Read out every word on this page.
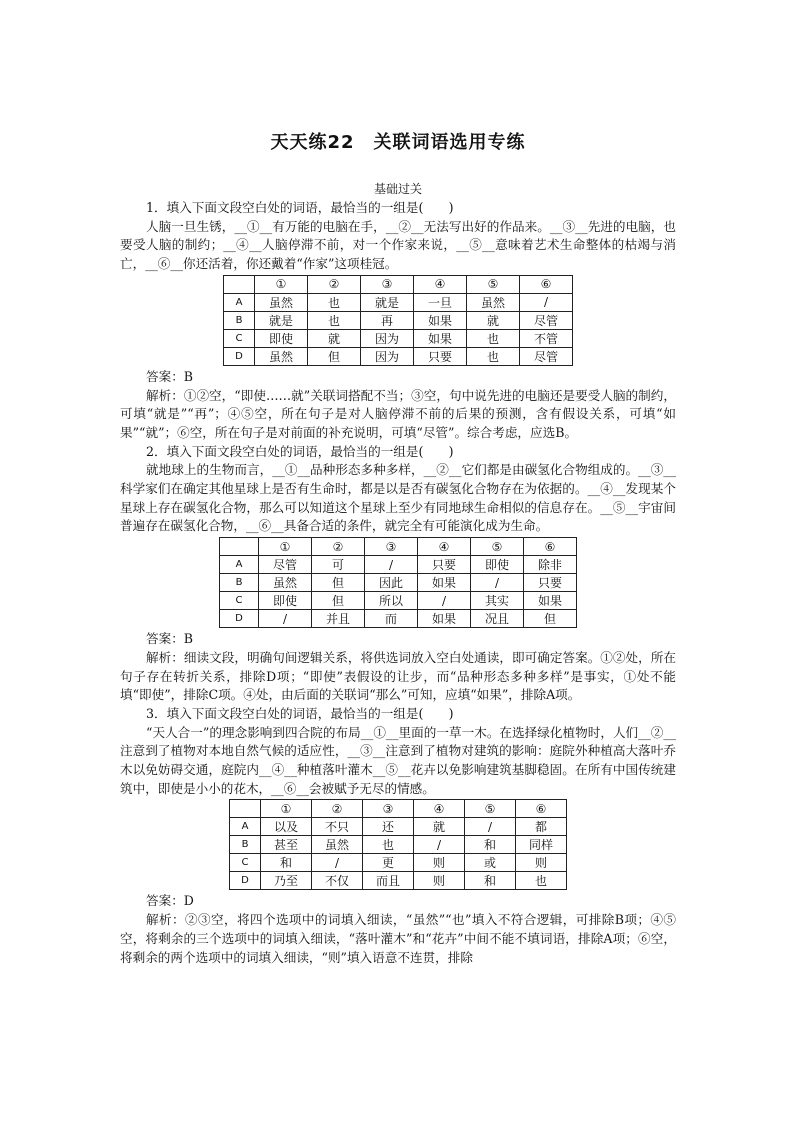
天天练22　关联词语选用专练
基础过关

1．填入下面文段空白处的词语，最恰当的一组是(　　)

人脑一旦生锈，__①__有万能的电脑在手，__②__无法写出好的作品来。__③__先进的电脑，也要受人脑的制约；__④__人脑停滞不前，对一个作家来说，__⑤__意味着艺术生命整体的枯竭与消亡，__⑥__你还活着，你还戴着“作家”这项桂冠。

	①	②	③	④	⑤	⑥
A	虽然	也	就是	一旦	虽然	/
B	就是	也	再	如果	就	尽管
C	即使	就	因为	如果	也	不管
D	虽然	但	因为	只要	也	尽管

答案：B

解析：①②空，“即使……就”关联词搭配不当；③空，句中说先进的电脑还是要受人脑的制约，可填“就是”“再”；④⑤空，所在句子是对人脑停滞不前的后果的预测，含有假设关系，可填“如果”“就”；⑥空，所在句子是对前面的补充说明，可填“尽管”。综合考虑，应选B。

2．填入下面文段空白处的词语，最恰当的一组是(　　)

就地球上的生物而言，__①__品种形态多种多样，__②__它们都是由碳氢化合物组成的。__③__科学家们在确定其他星球上是否有生命时，都是以是否有碳氢化合物存在为依据的。__④__发现某个星球上存在碳氢化合物，那么可以知道这个星球上至少有同地球生命相似的信息存在。__⑤__宇宙间普遍存在碳氢化合物，__⑥__具备合适的条件，就完全有可能演化成为生命。

	①	②	③	④	⑤	⑥
A	尽管	可	/	只要	即使	除非
B	虽然	但	因此	如果	/	只要
C	即使	但	所以	/	其实	如果
D	/	并且	而	如果	况且	但

答案：B

解析：细读文段，明确句间逻辑关系，将供选词放入空白处通读，即可确定答案。①②处，所在句子存在转折关系，排除D项；“即使”表假设的让步，而“品种形态多种多样”是事实，①处不能填“即使”，排除C项。④处，由后面的关联词“那么”可知，应填“如果”，排除A项。

3．填入下面文段空白处的词语，最恰当的一组是(　　)

“天人合一”的理念影响到四合院的布局__①__里面的一草一木。在选择绿化植物时，人们__②__注意到了植物对本地自然气候的适应性，__③__注意到了植物对建筑的影响：庭院外种植高大落叶乔木以免妨碍交通，庭院内__④__种植落叶灌木__⑤__花卉以免影响建筑基脚稳固。在所有中国传统建筑中，即使是小小的花木，__⑥__会被赋予无尽的情感。

	①	②	③	④	⑤	⑥
A	以及	不只	还	就	/	都
B	甚至	虽然	也	/	和	同样
C	和	/	更	则	或	则
D	乃至	不仅	而且	则	和	也

答案：D

解析：②③空，将四个选项中的词填入细读，“虽然”“也”填入不符合逻辑，可排除B项；④⑤空，将剩余的三个选项中的词填入细读，“落叶灌木”和“花卉”中间不能不填词语，排除A项；⑥空，将剩余的两个选项中的词填入细读，“则”填入语意不连贯，排除
